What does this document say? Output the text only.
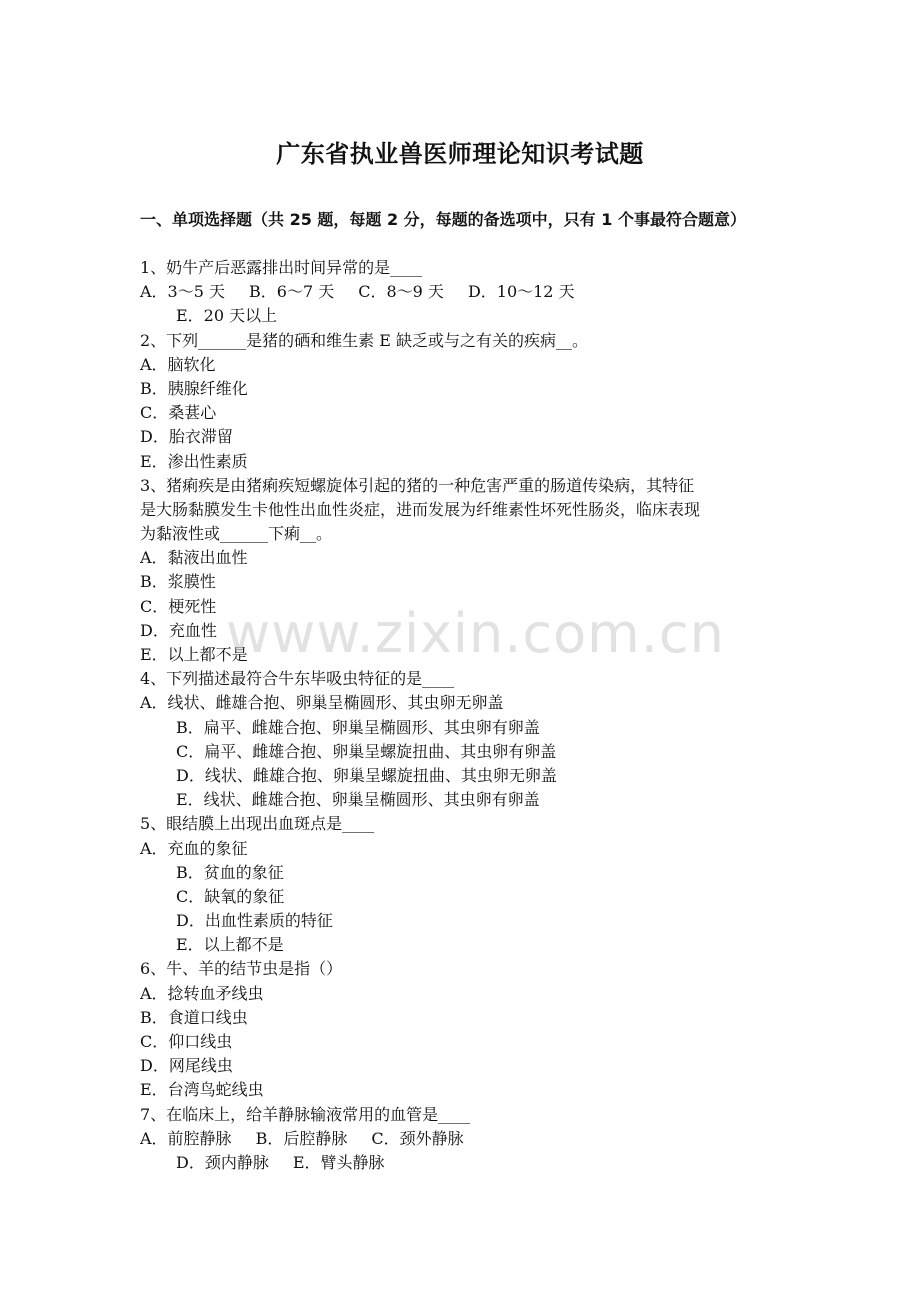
广东省执业兽医师理论知识考试题
一、单项选择题（共 25 题，每题 2 分，每题的备选项中，只有 1 个事最符合题意）
1、奶牛产后恶露排出时间异常的是____
A．3～5 天 B．6～7 天 C．8～9 天 D．10～12 天
E．20 天以上
2、下列______是猪的硒和维生素 E 缺乏或与之有关的疾病__。
A．脑软化
B．胰腺纤维化
C．桑葚心
D．胎衣滞留
E．渗出性素质
3、猪痢疾是由猪痢疾短螺旋体引起的猪的一种危害严重的肠道传染病，其特征
是大肠黏膜发生卡他性出血性炎症，进而发展为纤维素性坏死性肠炎，临床表现
为黏液性或______下痢__。
A．黏液出血性
B．浆膜性
C．梗死性
D．充血性
E．以上都不是
4、下列描述最符合牛东毕吸虫特征的是____
A．线状、雌雄合抱、卵巢呈椭圆形、其虫卵无卵盖
B．扁平、雌雄合抱、卵巢呈椭圆形、其虫卵有卵盖
C．扁平、雌雄合抱、卵巢呈螺旋扭曲、其虫卵有卵盖
D．线状、雌雄合抱、卵巢呈螺旋扭曲、其虫卵无卵盖
E．线状、雌雄合抱、卵巢呈椭圆形、其虫卵有卵盖
5、眼结膜上出现出血斑点是____
A．充血的象征
B．贫血的象征
C．缺氧的象征
D．出血性素质的特征
E．以上都不是
6、牛、羊的结节虫是指（）
A．捻转血矛线虫
B．食道口线虫
C．仰口线虫
D．网尾线虫
E．台湾鸟蛇线虫
7、在临床上，给羊静脉输液常用的血管是____
A．前腔静脉 B．后腔静脉 C．颈外静脉
D．颈内静脉 E．臂头静脉
www.zixin.com.cn
